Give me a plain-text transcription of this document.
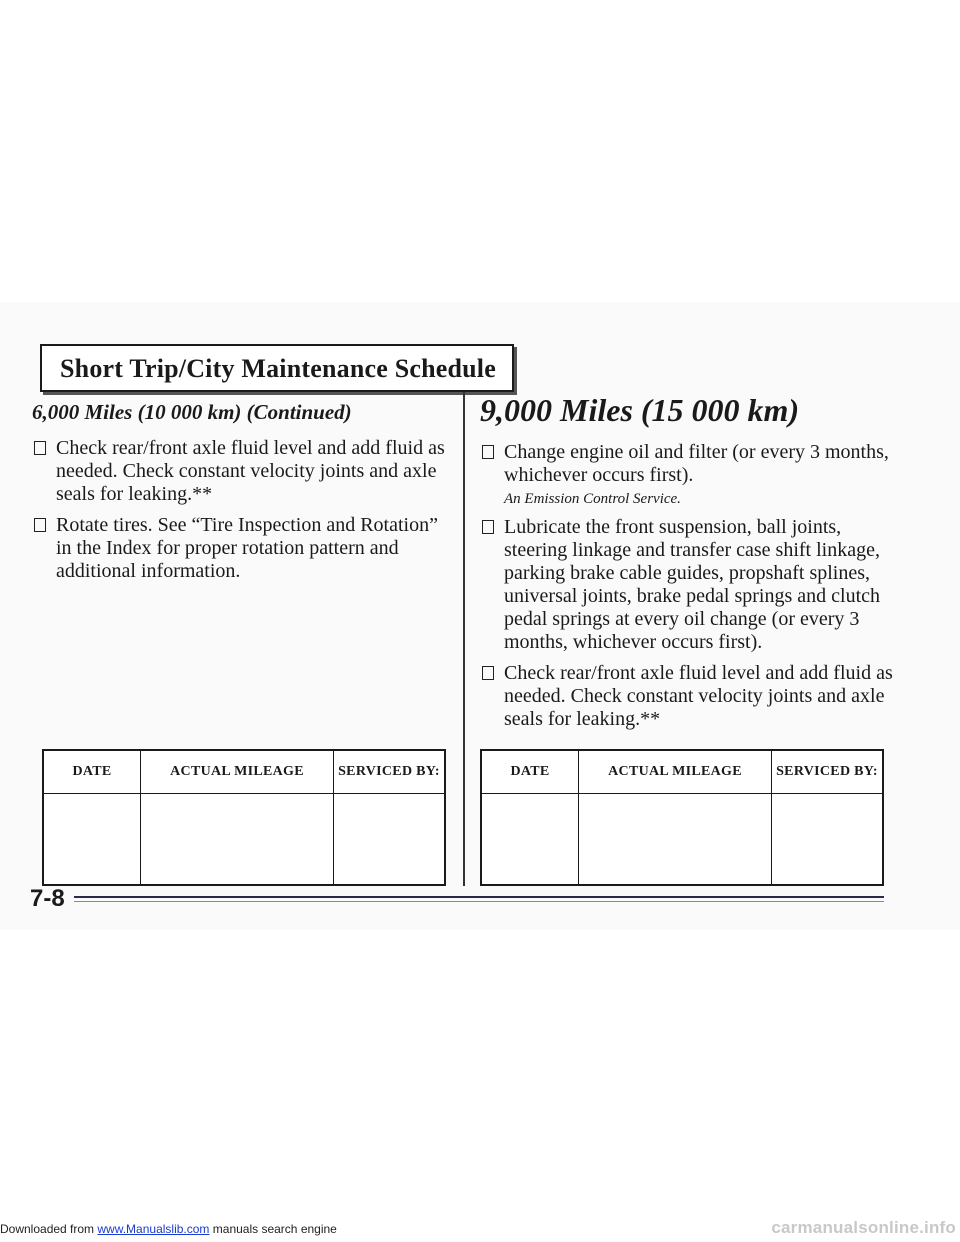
Short Trip/City Maintenance Schedule
6,000 Miles (10 000 km) (Continued)
Check rear/front axle fluid level and add fluid as needed. Check constant velocity joints and axle seals for leaking.**
Rotate tires. See “Tire Inspection and Rotation” in the Index for proper rotation pattern and additional information.
9,000 Miles (15 000 km)
Change engine oil and filter (or every 3 months, whichever occurs first).
An Emission Control Service.
Lubricate the front suspension, ball joints, steering linkage and transfer case shift linkage, parking brake cable guides, propshaft splines, universal joints, brake pedal springs and clutch pedal springs at every oil change (or every 3 months, whichever occurs first).
Check rear/front axle fluid level and add fluid as needed. Check constant velocity joints and axle seals for leaking.**
DATE	ACTUAL MILEAGE	SERVICED BY:
			DATE	ACTUAL MILEAGE	SERVICED BY:

7-8
Downloaded from www.Manualslib.com manuals search engine	carmanualsonline.info
